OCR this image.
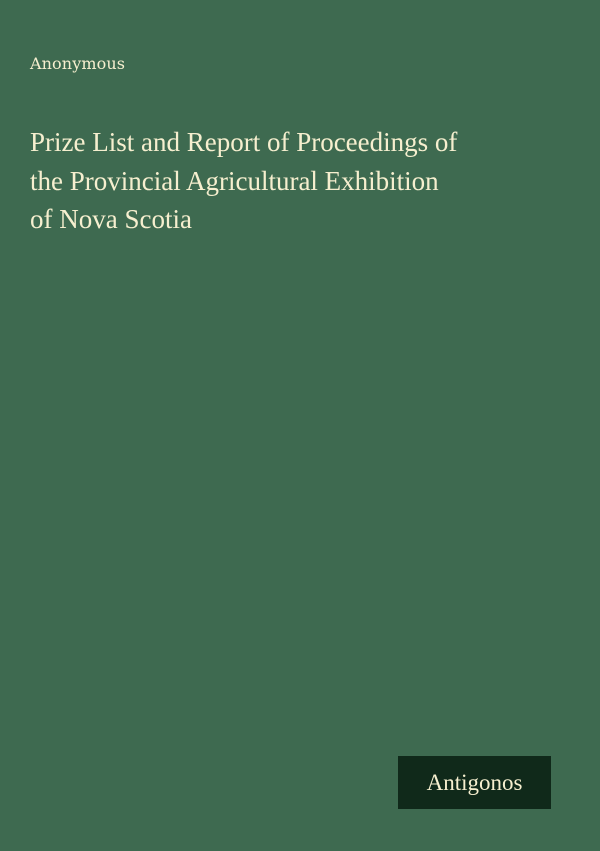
Anonymous

Prize List and Report of Proceedings of
the Provincial Agricultural Exhibition
of Nova Scotia
Antigonos
